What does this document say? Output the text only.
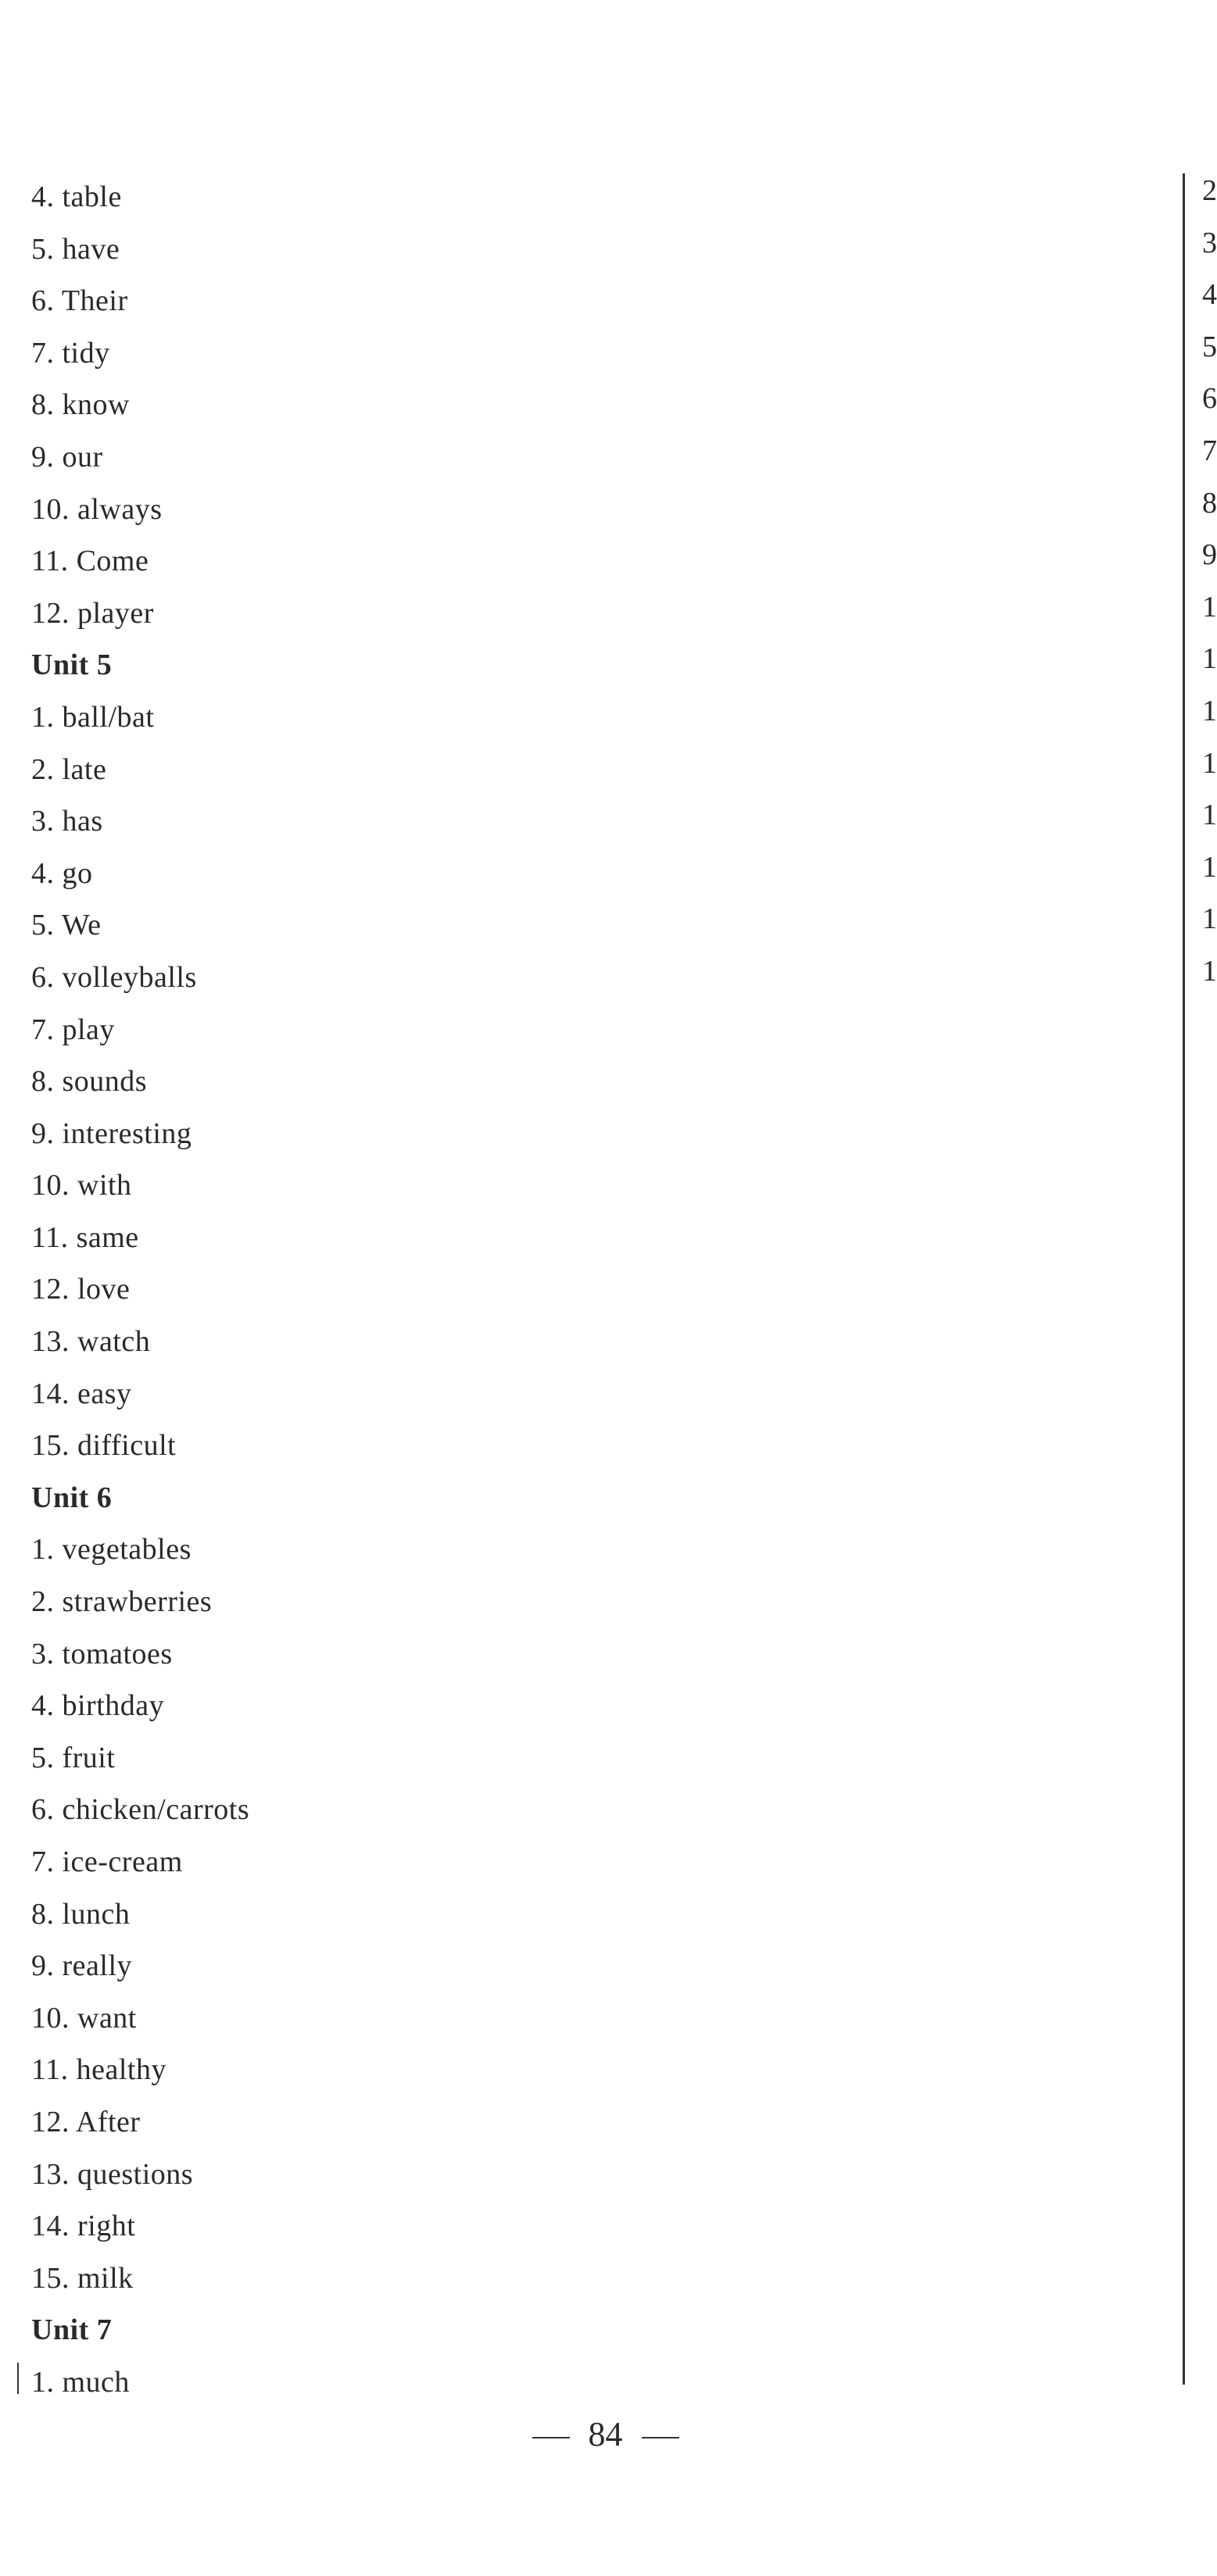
4. table
5. have
6. Their
7. tidy
8. know
9. our
10. always
11. Come
12. player
Unit 5
1. ball/bat
2. late
3. has
4. go
5. We
6. volleyballs
7. play
8. sounds
9. interesting
10. with
11. same
12. love
13. watch
14. easy
15. difficult
Unit 6
1. vegetables
2. strawberries
3. tomatoes
4. birthday
5. fruit
6. chicken/carrots
7. ice-cream
8. lunch
9. really
10. want
11. healthy
12. After
13. questions
14. right
15. milk
Unit 7
1. much
2
3
4
5
6
7
8
9
1
1
1
1
1
1
1
1
84
